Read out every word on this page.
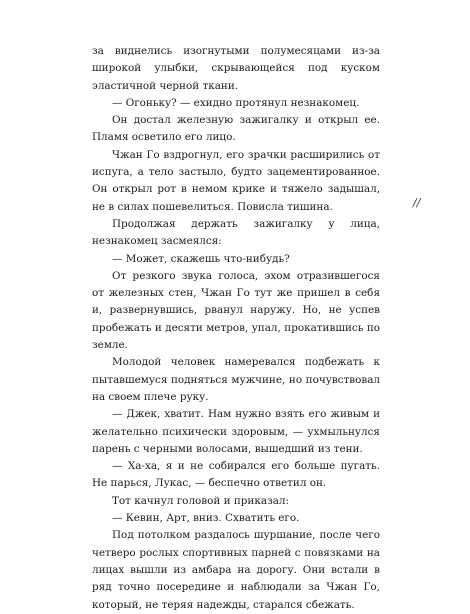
за виднелись изогнутыми полумесяцами из-за широкой улыбки, скрывающейся под куском эластичной черной ткани.

— Огоньку? — ехидно протянул незнакомец.

Он достал железную зажигалку и открыл ее. Пламя осветило его лицо.

Чжан Го вздрогнул, его зрачки расширились от испуга, а тело застыло, будто зацементированное. Он открыл рот в немом крике и тяжело задышал, не в силах пошевелиться. Повисла тишина.

Продолжая держать зажигалку у лица, незнакомец засмеялся:

— Может, скажешь что-нибудь?

От резкого звука голоса, эхом отразившегося от железных стен, Чжан Го тут же пришел в себя и, развернувшись, рванул наружу. Но, не успев пробежать и десяти метров, упал, прокатившись по земле.

Молодой человек намеревался подбежать к пытавшемуся подняться мужчине, но почувствовал на своем плече руку.

— Джек, хватит. Нам нужно взять его живым и желательно психически здоровым, — ухмыльнулся парень с черными волосами, вышедший из тени.

— Ха-ха, я и не собирался его больше пугать. Не парься, Лукас, — беспечно ответил он.

Тот качнул головой и приказал:

— Кевин, Арт, вниз. Схватить его.

Под потолком раздалось шуршание, после чего четверо рослых спортивных парней с повязками на лицах вышли из амбара на дорогу. Они встали в ряд точно посередине и наблюдали за Чжан Го, который, не теряя надежды, старался сбежать.

//
